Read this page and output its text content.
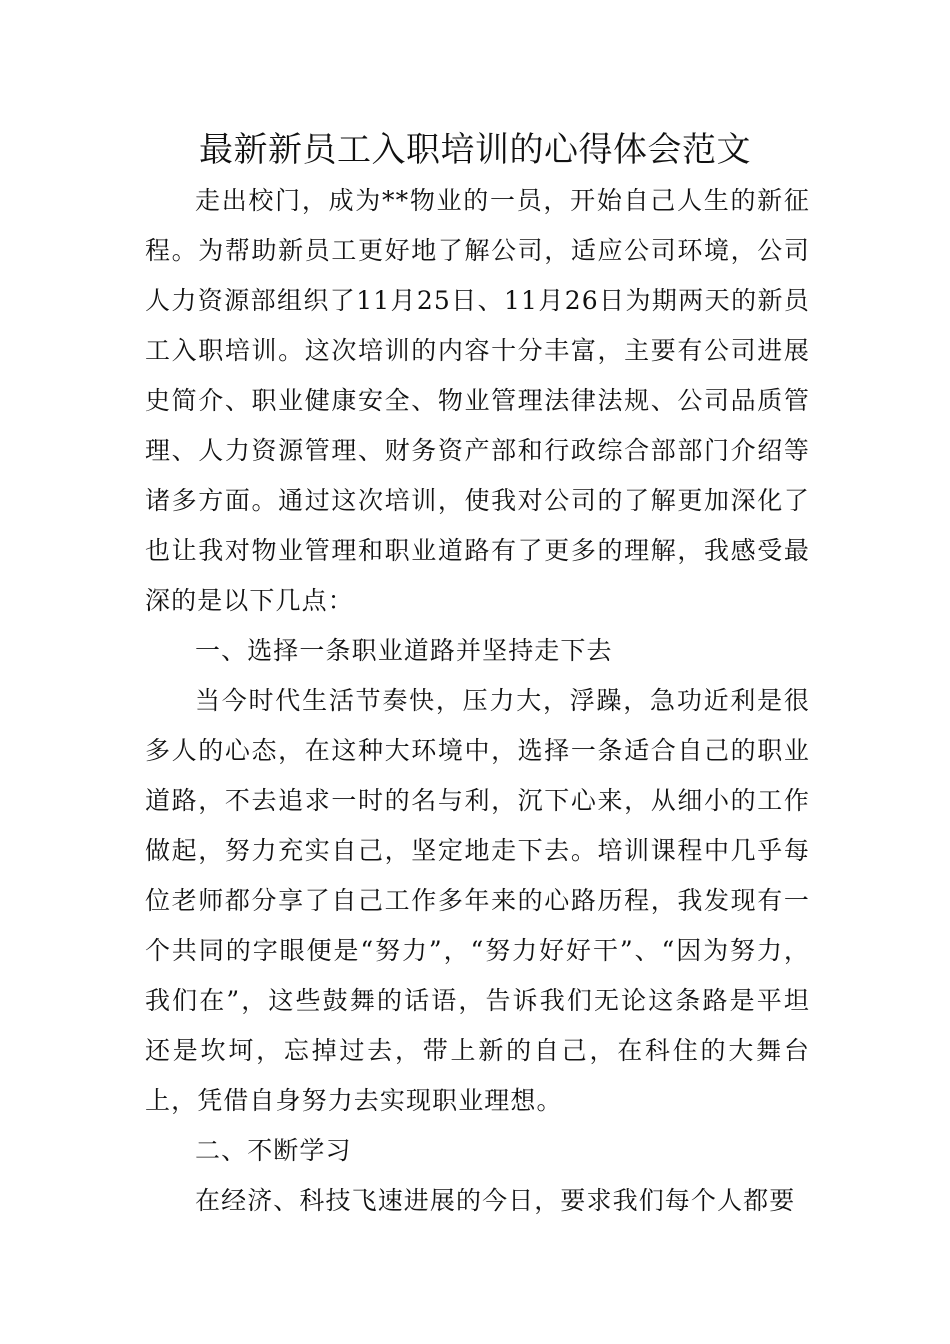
最新新员工入职培训的心得体会范文

走出校门，成为**物业的一员，开始自己人生的新征程。为帮助新员工更好地了解公司，适应公司环境，公司人力资源部组织了11月25日、11月26日为期两天的新员工入职培训。这次培训的内容十分丰富，主要有公司进展史简介、职业健康安全、物业管理法律法规、公司品质管理、人力资源管理、财务资产部和行政综合部部门介绍等诸多方面。通过这次培训，使我对公司的了解更加深化了也让我对物业管理和职业道路有了更多的理解，我感受最深的是以下几点：

一、选择一条职业道路并坚持走下去

当今时代生活节奏快，压力大，浮躁，急功近利是很多人的心态，在这种大环境中，选择一条适合自己的职业道路，不去追求一时的名与利，沉下心来，从细小的工作做起，努力充实自己，坚定地走下去。培训课程中几乎每位老师都分享了自己工作多年来的心路历程，我发现有一个共同的字眼便是“努力”，“努力好好干”、“因为努力，我们在”，这些鼓舞的话语，告诉我们无论这条路是平坦还是坎坷，忘掉过去，带上新的自己，在科住的大舞台上，凭借自身努力去实现职业理想。

二、不断学习

在经济、科技飞速进展的今日，要求我们每个人都要
